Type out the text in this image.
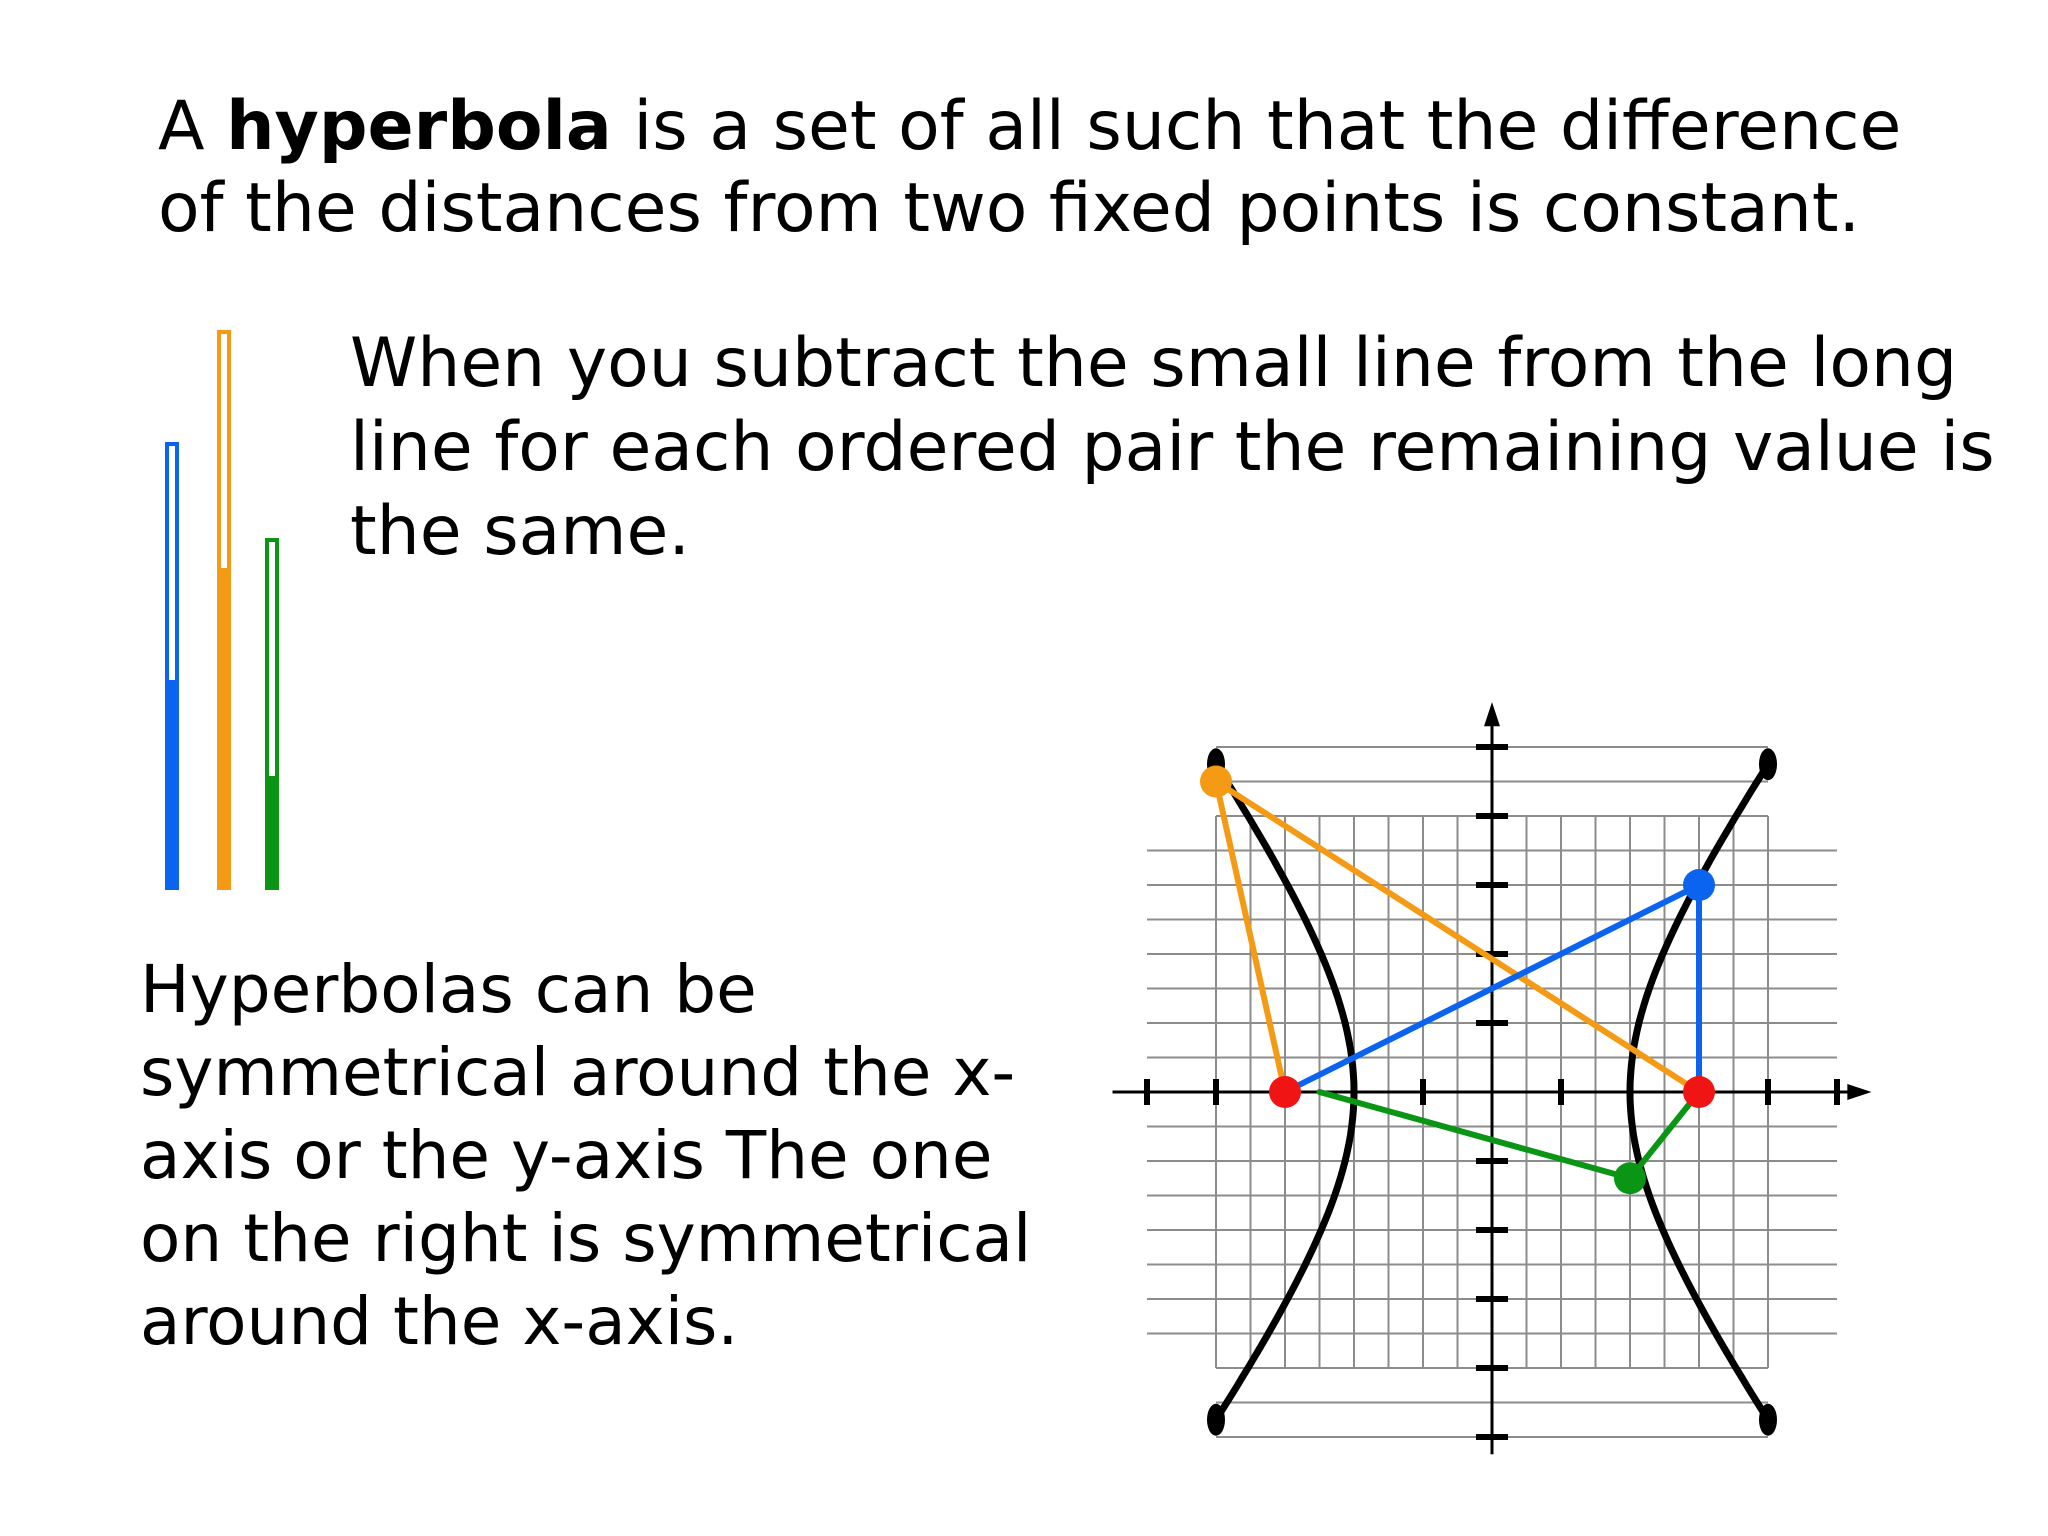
A hyperbola is a set of all such that the difference
of the distances from two fixed points is constant.
When you subtract the small line from the long
line for each ordered pair the remaining value is
the same.
Hyperbolas can be
symmetrical around the x-
axis or the y-axis The one
on the right is symmetrical
around the x-axis.
